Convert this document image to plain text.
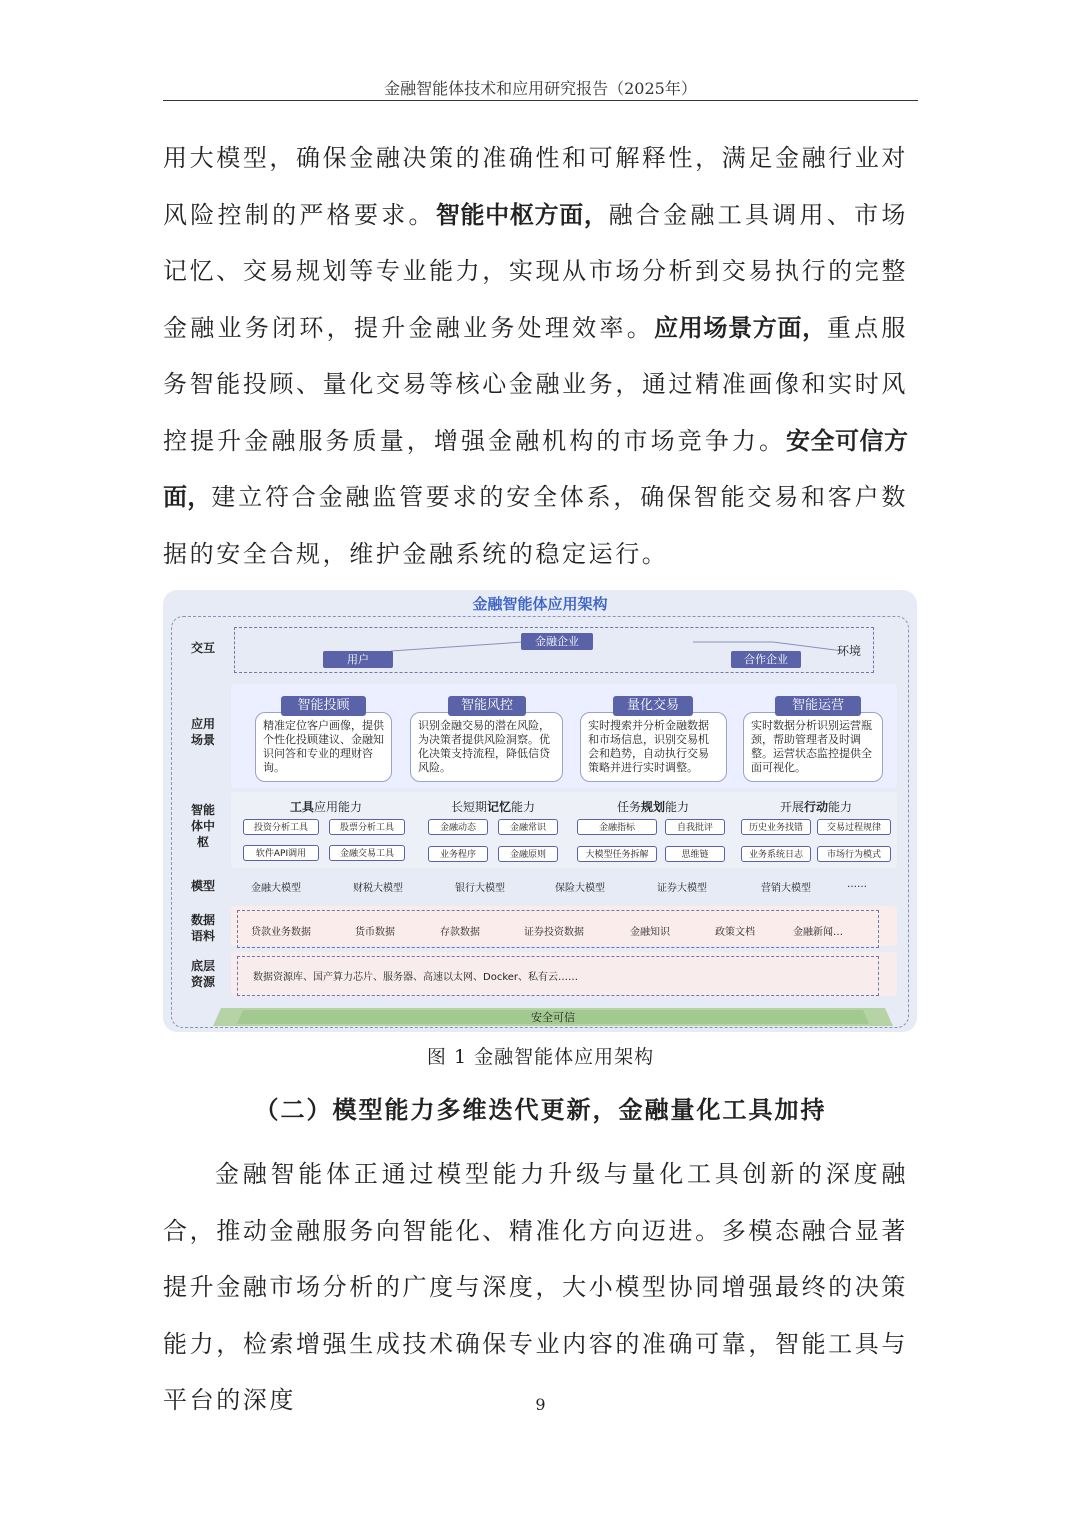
金融智能体技术和应用研究报告（2025年）
用大模型，确保金融决策的准确性和可解释性，满足金融行业对风险控制的严格要求。智能中枢方面，融合金融工具调用、市场记忆、交易规划等专业能力，实现从市场分析到交易执行的完整金融业务闭环，提升金融业务处理效率。应用场景方面，重点服务智能投顾、量化交易等核心金融业务，通过精准画像和实时风控提升金融服务质量，增强金融机构的市场竞争力。安全可信方面，建立符合金融监管要求的安全体系，确保智能交易和客户数据的安全合规，维护金融系统的稳定运行。
金融智能体应用架构
交互
应用场景
智能体中枢
模型
数据语料
底层资源
金融企业
用户	合作企业
环境
精准定位客户画像，提供个性化投顾建议、金融知识问答和专业的理财咨询。
识别金融交易的潜在风险，为决策者提供风险洞察。优化决策支持流程，降低信贷风险。
实时搜索并分析金融数据和市场信息，识别交易机会和趋势，自动执行交易策略并进行实时调整。
实时数据分析识别运营瓶颈，帮助管理者及时调整。运营状态监控提供全面可视化。
智能投顾	智能风控	量化交易	智能运营
工具应用能力	长短期记忆能力	任务规划能力	开展行动能力
投资分析工具	股票分析工具
软件API调用	金融交易工具
金融动态	金融常识
业务程序	金融原则
金融指标	自我批评
大模型任务拆解	思维链
历史业务找错	交易过程规律
业务系统日志	市场行为模式
金融大模型	财税大模型	银行大模型	保险大模型	证券大模型	营销大模型	……
贷款业务数据	货币数据	存款数据	证券投资数据	金融知识	政策文档	金融新闻…
数据资源库、国产算力芯片、服务器、高速以太网、Docker、私有云……
安全可信
图 1 金融智能体应用架构
（二）模型能力多维迭代更新，金融量化工具加持
金融智能体正通过模型能力升级与量化工具创新的深度融合，推动金融服务向智能化、精准化方向迈进。多模态融合显著提升金融市场分析的广度与深度，大小模型协同增强最终的决策能力，检索增强生成技术确保专业内容的准确可靠，智能工具与平台的深度	9
